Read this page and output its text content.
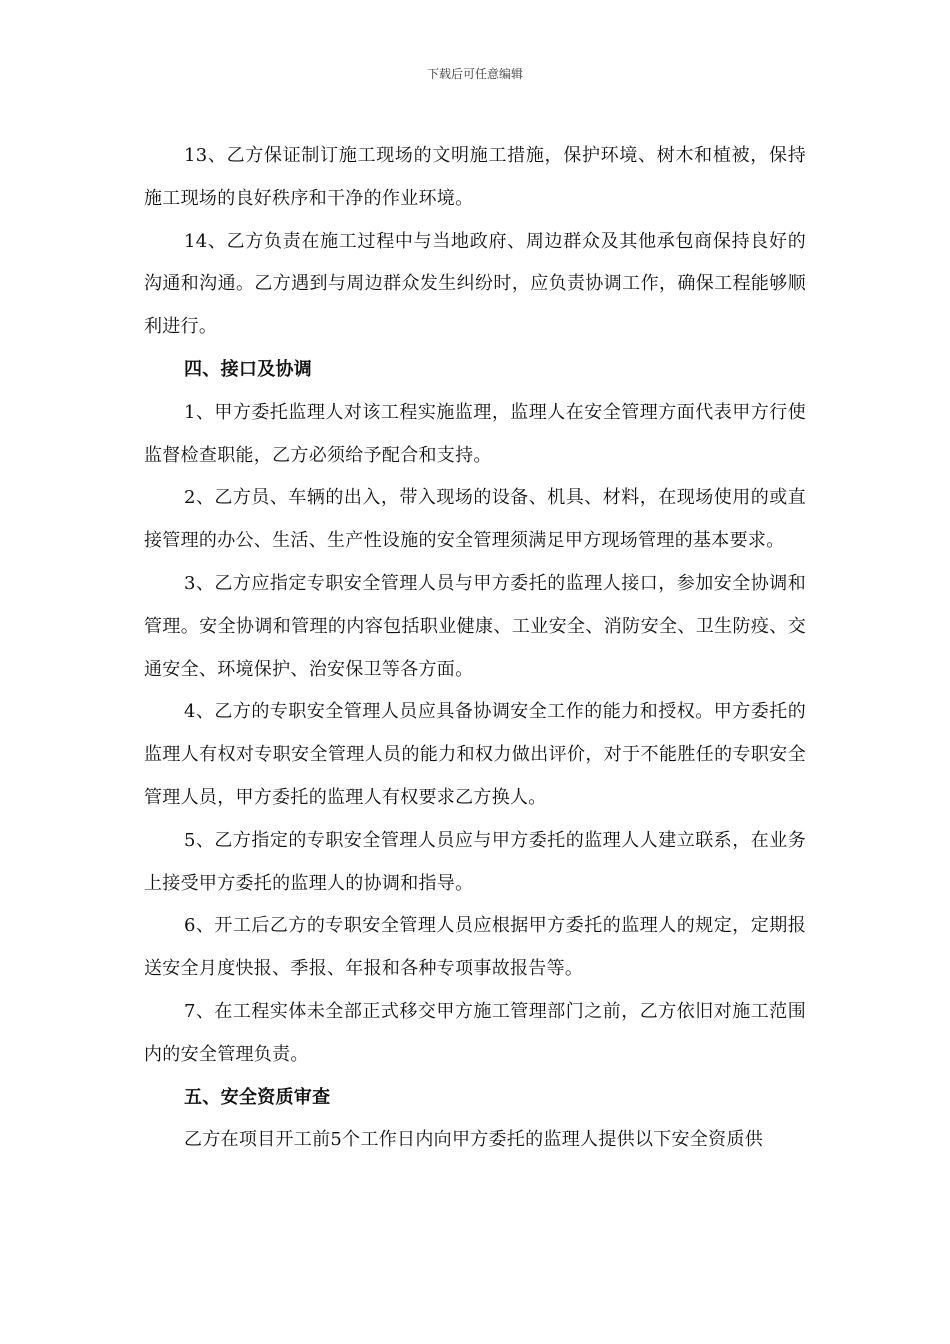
下载后可任意编辑

13、乙方保证制订施工现场的文明施工措施，保护环境、树木和植被，保持施工现场的良好秩序和干净的作业环境。

14、乙方负责在施工过程中与当地政府、周边群众及其他承包商保持良好的沟通和沟通。乙方遇到与周边群众发生纠纷时，应负责协调工作，确保工程能够顺利进行。

四、接口及协调

1、甲方委托监理人对该工程实施监理，监理人在安全管理方面代表甲方行使监督检查职能，乙方必须给予配合和支持。

2、乙方员、车辆的出入，带入现场的设备、机具、材料，在现场使用的或直接管理的办公、生活、生产性设施的安全管理须满足甲方现场管理的基本要求。

3、乙方应指定专职安全管理人员与甲方委托的监理人接口，参加安全协调和管理。安全协调和管理的内容包括职业健康、工业安全、消防安全、卫生防疫、交通安全、环境保护、治安保卫等各方面。

4、乙方的专职安全管理人员应具备协调安全工作的能力和授权。甲方委托的监理人有权对专职安全管理人员的能力和权力做出评价，对于不能胜任的专职安全管理人员，甲方委托的监理人有权要求乙方换人。

5、乙方指定的专职安全管理人员应与甲方委托的监理人人建立联系，在业务上接受甲方委托的监理人的协调和指导。

6、开工后乙方的专职安全管理人员应根据甲方委托的监理人的规定，定期报送安全月度快报、季报、年报和各种专项事故报告等。

7、在工程实体未全部正式移交甲方施工管理部门之前，乙方依旧对施工范围内的安全管理负责。

五、安全资质审查

乙方在项目开工前5个工作日内向甲方委托的监理人提供以下安全资质供
